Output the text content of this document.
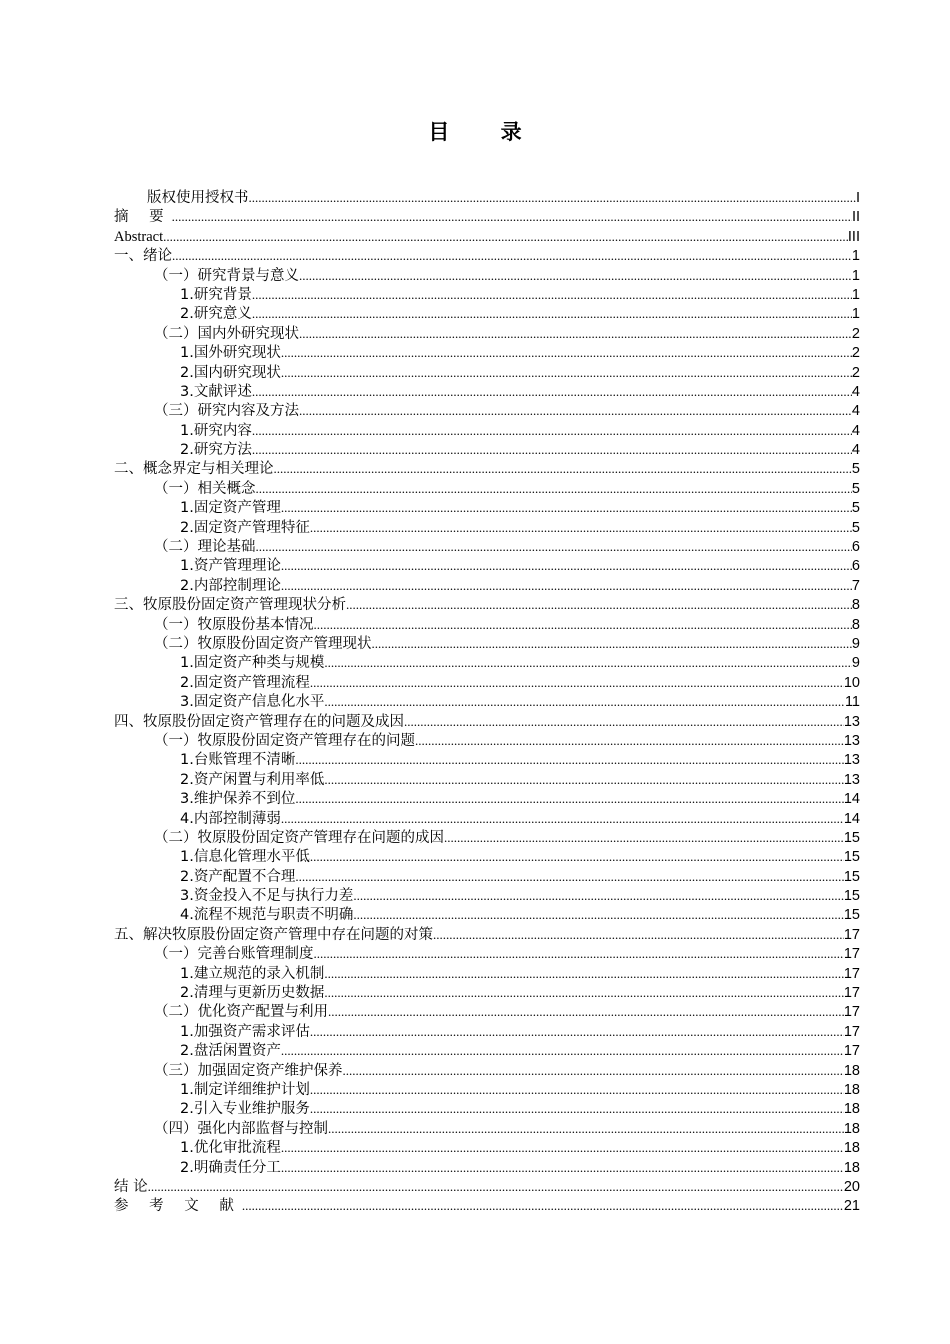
目 录
版权使用授权书 .....	I
摘 要 .....	II
Abstract .....	III
一、绪论 .....	1
（一）研究背景与意义 .....	1
1.研究背景 .....	1
2.研究意义 .....	1
（二）国内外研究现状 .....	2
1.国外研究现状 .....	2
2.国内研究现状 .....	2
3.文献评述 .....	4
（三）研究内容及方法 .....	4
1.研究内容 .....	4
2.研究方法 .....	4
二、概念界定与相关理论 .....	5
（一）相关概念 .....	5
1.固定资产管理 .....	5
2.固定资产管理特征 .....	5
（二）理论基础 .....	6
1.资产管理理论 .....	6
2.内部控制理论 .....	7
三、牧原股份固定资产管理现状分析 .....	8
（一）牧原股份基本情况 .....	8
（二）牧原股份固定资产管理现状 .....	9
1.固定资产种类与规模 .....	9
2.固定资产管理流程 .....	10
3.固定资产信息化水平 .....	11
四、牧原股份固定资产管理存在的问题及成因 .....	13
（一）牧原股份固定资产管理存在的问题 .....	13
1.台账管理不清晰 .....	13
2.资产闲置与利用率低 .....	13
3.维护保养不到位 .....	14
4.内部控制薄弱 .....	14
（二）牧原股份固定资产管理存在问题的成因 .....	15
1.信息化管理水平低 .....	15
2.资产配置不合理 .....	15
3.资金投入不足与执行力差 .....	15
4.流程不规范与职责不明确 .....	15
五、解决牧原股份固定资产管理中存在问题的对策 .....	17
（一）完善台账管理制度 .....	17
1.建立规范的录入机制 .....	17
2.清理与更新历史数据 .....	17
（二）优化资产配置与利用 .....	17
1.加强资产需求评估 .....	17
2.盘活闲置资产 .....	17
（三）加强固定资产维护保养 .....	18
1.制定详细维护计划 .....	18
2.引入专业维护服务 .....	18
（四）强化内部监督与控制 .....	18
1.优化审批流程 .....	18
2.明确责任分工 .....	18
结 论 .....	20
参 考 文 献 .....	21
